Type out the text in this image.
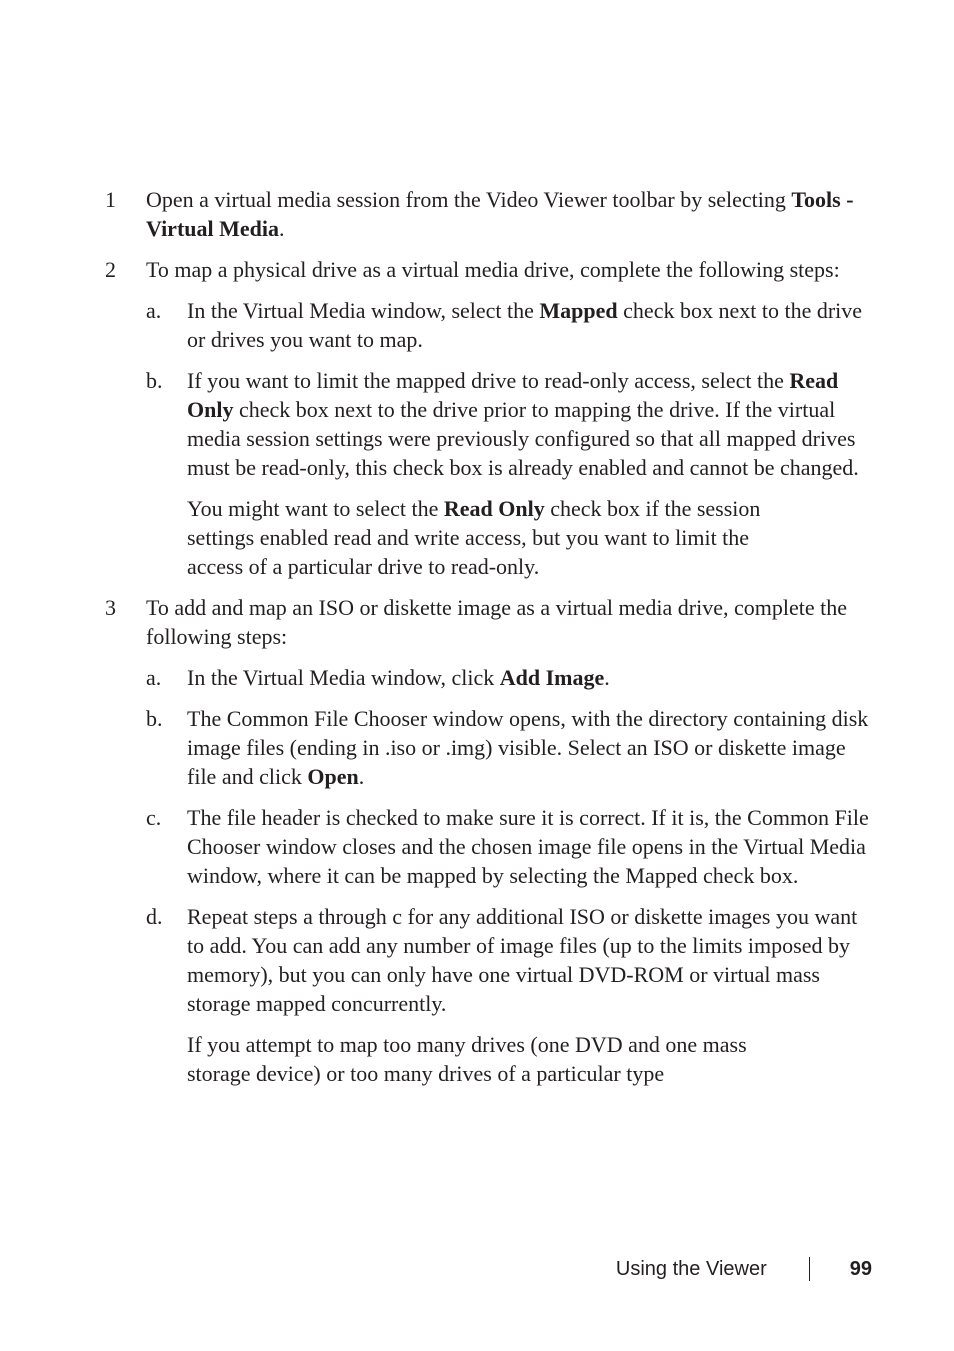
1	Open a virtual media session from the Video Viewer toolbar by selecting Tools - Virtual Media.
2	To map a physical drive as a virtual media drive, complete the following steps:
a.	In the Virtual Media window, select the Mapped check box next to the drive or drives you want to map.
b.	If you want to limit the mapped drive to read-only access, select the Read Only check box next to the drive prior to mapping the drive. If the virtual media session settings were previously configured so that all mapped drives must be read-only, this check box is already enabled and cannot be changed.
You might want to select the Read Only check box if the session settings enabled read and write access, but you want to limit the access of a particular drive to read-only.
3	To add and map an ISO or diskette image as a virtual media drive, complete the following steps:
a.	In the Virtual Media window, click Add Image.
b.	The Common File Chooser window opens, with the directory containing disk image files (ending in .iso or .img) visible. Select an ISO or diskette image file and click Open.
c.	The file header is checked to make sure it is correct. If it is, the Common File Chooser window closes and the chosen image file opens in the Virtual Media window, where it can be mapped by selecting the Mapped check box.
d.	Repeat steps a through c for any additional ISO or diskette images you want to add. You can add any number of image files (up to the limits imposed by memory), but you can only have one virtual DVD-ROM or virtual mass storage mapped concurrently.
If you attempt to map too many drives (one DVD and one mass storage device) or too many drives of a particular type
Using the Viewer	99
